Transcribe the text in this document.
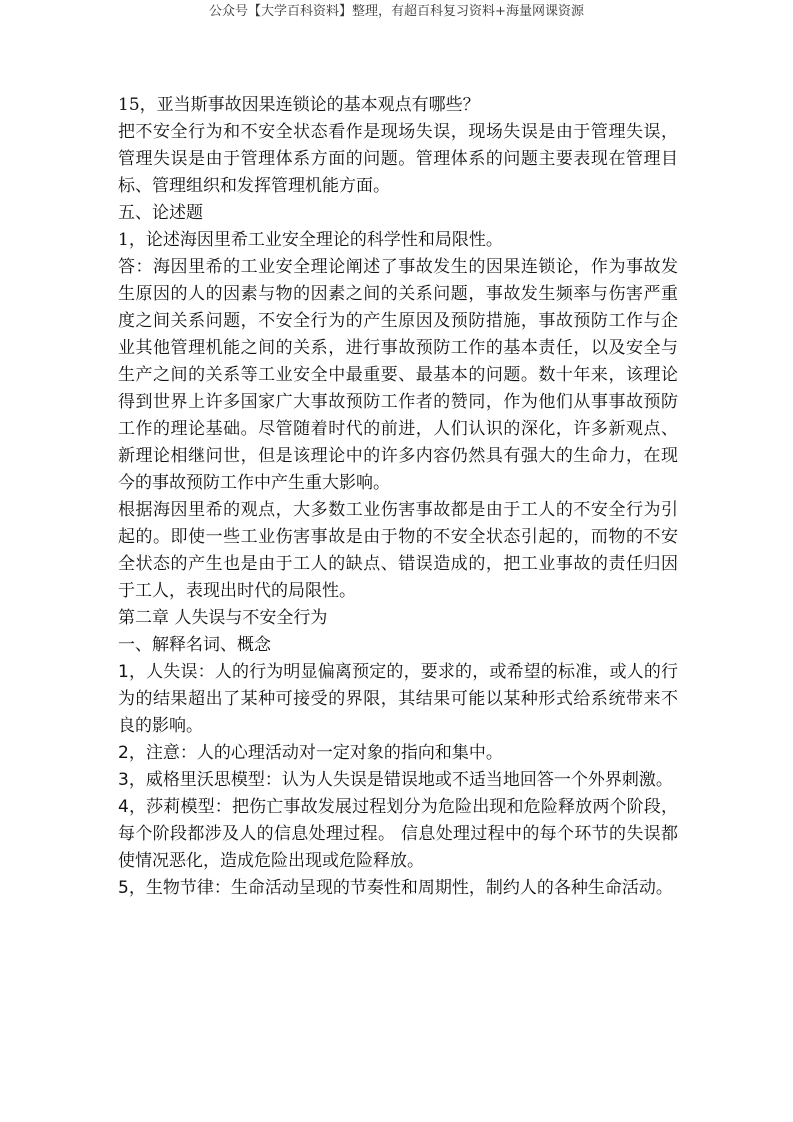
公众号【大学百科资料】整理，有超百科复习资料+海量网课资源

15，亚当斯事故因果连锁论的基本观点有哪些？

把不安全行为和不安全状态看作是现场失误，现场失误是由于管理失误，管理失误是由于管理体系方面的问题。管理体系的问题主要表现在管理目标、管理组织和发挥管理机能方面。

五、论述题

1，论述海因里希工业安全理论的科学性和局限性。

答：海因里希的工业安全理论阐述了事故发生的因果连锁论，作为事故发生原因的人的因素与物的因素之间的关系问题，事故发生频率与伤害严重度之间关系问题，不安全行为的产生原因及预防措施，事故预防工作与企业其他管理机能之间的关系，进行事故预防工作的基本责任，以及安全与生产之间的关系等工业安全中最重要、最基本的问题。数十年来，该理论得到世界上许多国家广大事故预防工作者的赞同，作为他们从事事故预防工作的理论基础。尽管随着时代的前进，人们认识的深化，许多新观点、新理论相继问世，但是该理论中的许多内容仍然具有强大的生命力，在现今的事故预防工作中产生重大影响。

根据海因里希的观点，大多数工业伤害事故都是由于工人的不安全行为引起的。即使一些工业伤害事故是由于物的不安全状态引起的，而物的不安全状态的产生也是由于工人的缺点、错误造成的，把工业事故的责任归因于工人，表现出时代的局限性。

第二章 人失误与不安全行为

一、解释名词、概念

1，人失误：人的行为明显偏离预定的，要求的，或希望的标准，或人的行为的结果超出了某种可接受的界限，其结果可能以某种形式给系统带来不良的影响。

2，注意：人的心理活动对一定对象的指向和集中。

3，威格里沃思模型：认为人失误是错误地或不适当地回答一个外界刺激。

4，莎莉模型：把伤亡事故发展过程划分为危险出现和危险释放两个阶段，每个阶段都涉及人的信息处理过程。 信息处理过程中的每个环节的失误都使情况恶化，造成危险出现或危险释放。

5，生物节律：生命活动呈现的节奏性和周期性，制约人的各种生命活动。
